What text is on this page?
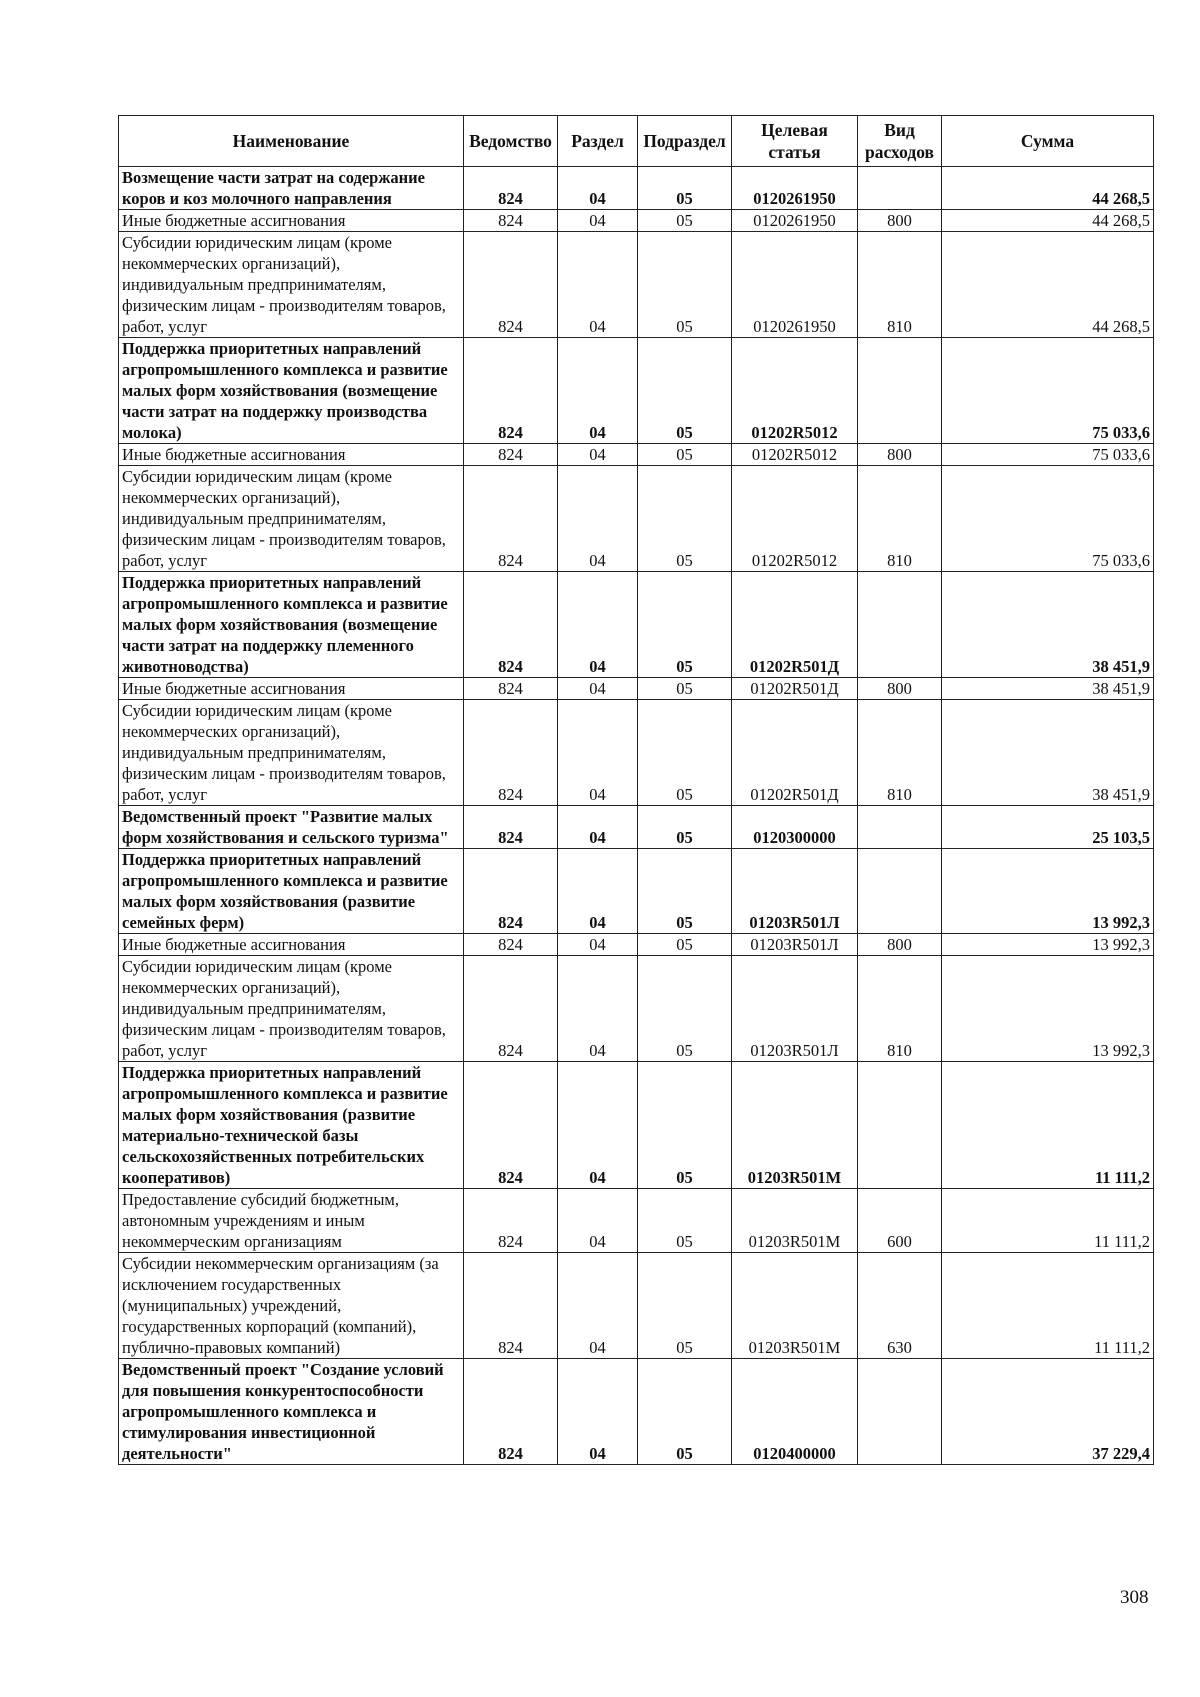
Наименование	Ведомство	Раздел	Подраздел	Целевая статья	Вид расходов	Сумма
Возмещение части затрат на содержание коров и коз молочного направления	824	04	05	0120261950		44 268,5
Иные бюджетные ассигнования	824	04	05	0120261950	800	44 268,5
Субсидии юридическим лицам (кроме некоммерческих организаций), индивидуальным предпринимателям, физическим лицам - производителям товаров, работ, услуг	824	04	05	0120261950	810	44 268,5
Поддержка приоритетных направлений агропромышленного комплекса и развитие малых форм хозяйствования (возмещение части затрат на поддержку производства молока)	824	04	05	01202R5012		75 033,6
Иные бюджетные ассигнования	824	04	05	01202R5012	800	75 033,6
Субсидии юридическим лицам (кроме некоммерческих организаций), индивидуальным предпринимателям, физическим лицам - производителям товаров, работ, услуг	824	04	05	01202R5012	810	75 033,6
Поддержка приоритетных направлений агропромышленного комплекса и развитие малых форм хозяйствования (возмещение части затрат на поддержку племенного животноводства)	824	04	05	01202R501Д		38 451,9
Иные бюджетные ассигнования	824	04	05	01202R501Д	800	38 451,9
Субсидии юридическим лицам (кроме некоммерческих организаций), индивидуальным предпринимателям, физическим лицам - производителям товаров, работ, услуг	824	04	05	01202R501Д	810	38 451,9
Ведомственный проект "Развитие малых форм хозяйствования и сельского туризма"	824	04	05	0120300000		25 103,5
Поддержка приоритетных направлений агропромышленного комплекса и развитие малых форм хозяйствования (развитие семейных ферм)	824	04	05	01203R501Л		13 992,3
Иные бюджетные ассигнования	824	04	05	01203R501Л	800	13 992,3
Субсидии юридическим лицам (кроме некоммерческих организаций), индивидуальным предпринимателям, физическим лицам - производителям товаров, работ, услуг	824	04	05	01203R501Л	810	13 992,3
Поддержка приоритетных направлений агропромышленного комплекса и развитие малых форм хозяйствования (развитие материально-технической базы сельскохозяйственных потребительских кооперативов)	824	04	05	01203R501M		11 111,2
Предоставление субсидий бюджетным, автономным учреждениям и иным некоммерческим организациям	824	04	05	01203R501M	600	11 111,2
Субсидии некоммерческим организациям (за исключением государственных (муниципальных) учреждений, государственных корпораций (компаний), публично-правовых компаний)	824	04	05	01203R501M	630	11 111,2
Ведомственный проект "Создание условий для повышения конкурентоспособности агропромышленного комплекса и стимулирования инвестиционной деятельности"	824	04	05	0120400000		37 229,4
308
